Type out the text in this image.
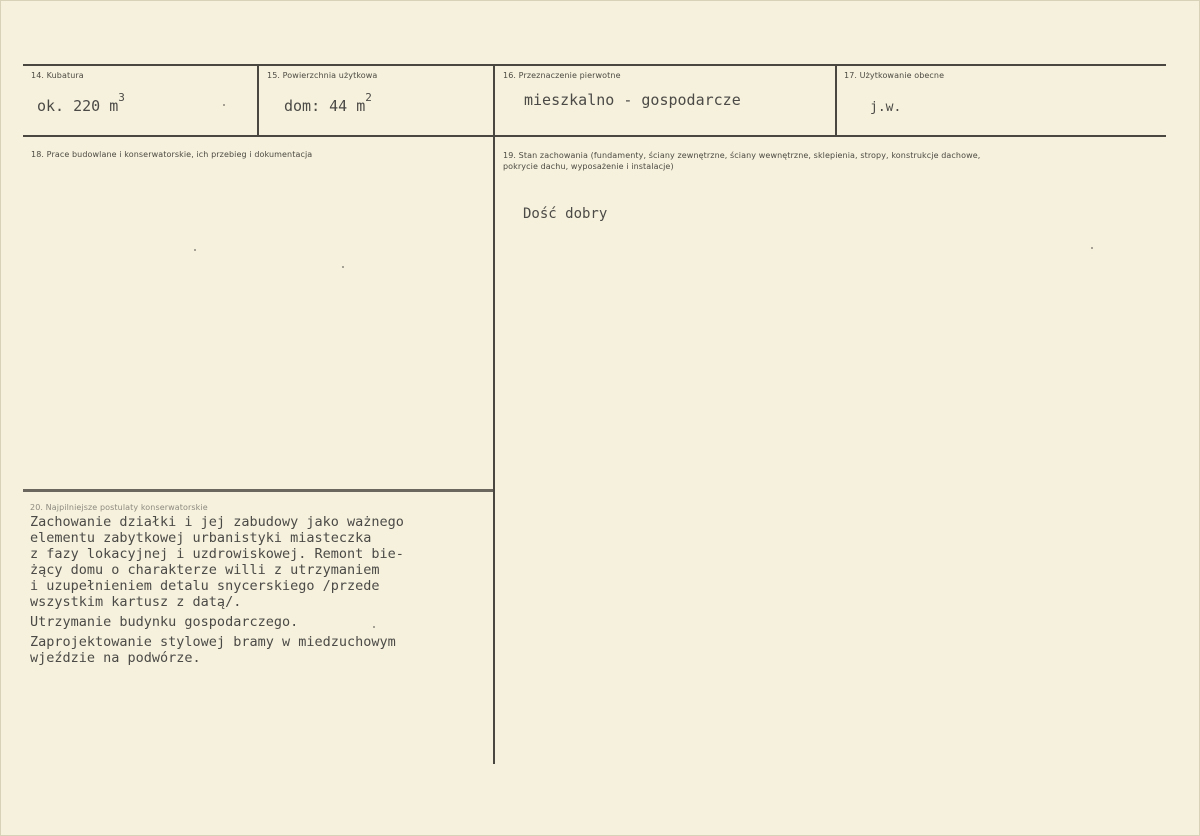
14. Kubatura
ok. 220 $m^3$
15. Powierzchnia użytkowa
dom: 44 $m^2$
16. Przeznaczenie pierwotne
mieszkalno - gospodarcze
17. Użytkowanie obecne
j.w.
18. Prace budowlane i konserwatorskie, ich przebieg i dokumentacja	19. Stan zachowania (fundamenty, ściany zewnętrzne, ściany wewnętrzne, sklepienia, stropy, konstrukcje dachowe, pokrycie dachu, wyposażenie i instalacje)
Dość dobry
20. Najpilniejsze postulaty konserwatorskie

Zachowanie działki i jej zabudowy jako ważnego
elementu zabytkowej urbanistyki miasteczka
z fazy lokacyjnej i uzdrowiskowej. Remont bie-
żący domu o charakterze willi z utrzymaniem
i uzupełnieniem detalu snycerskiego /przede
wszystkim kartusz z datą/.

Utrzymanie budynku gospodarczego.

Zaprojektowanie stylowej bramy w miedzuchowym
wjeździe na podwórze.
